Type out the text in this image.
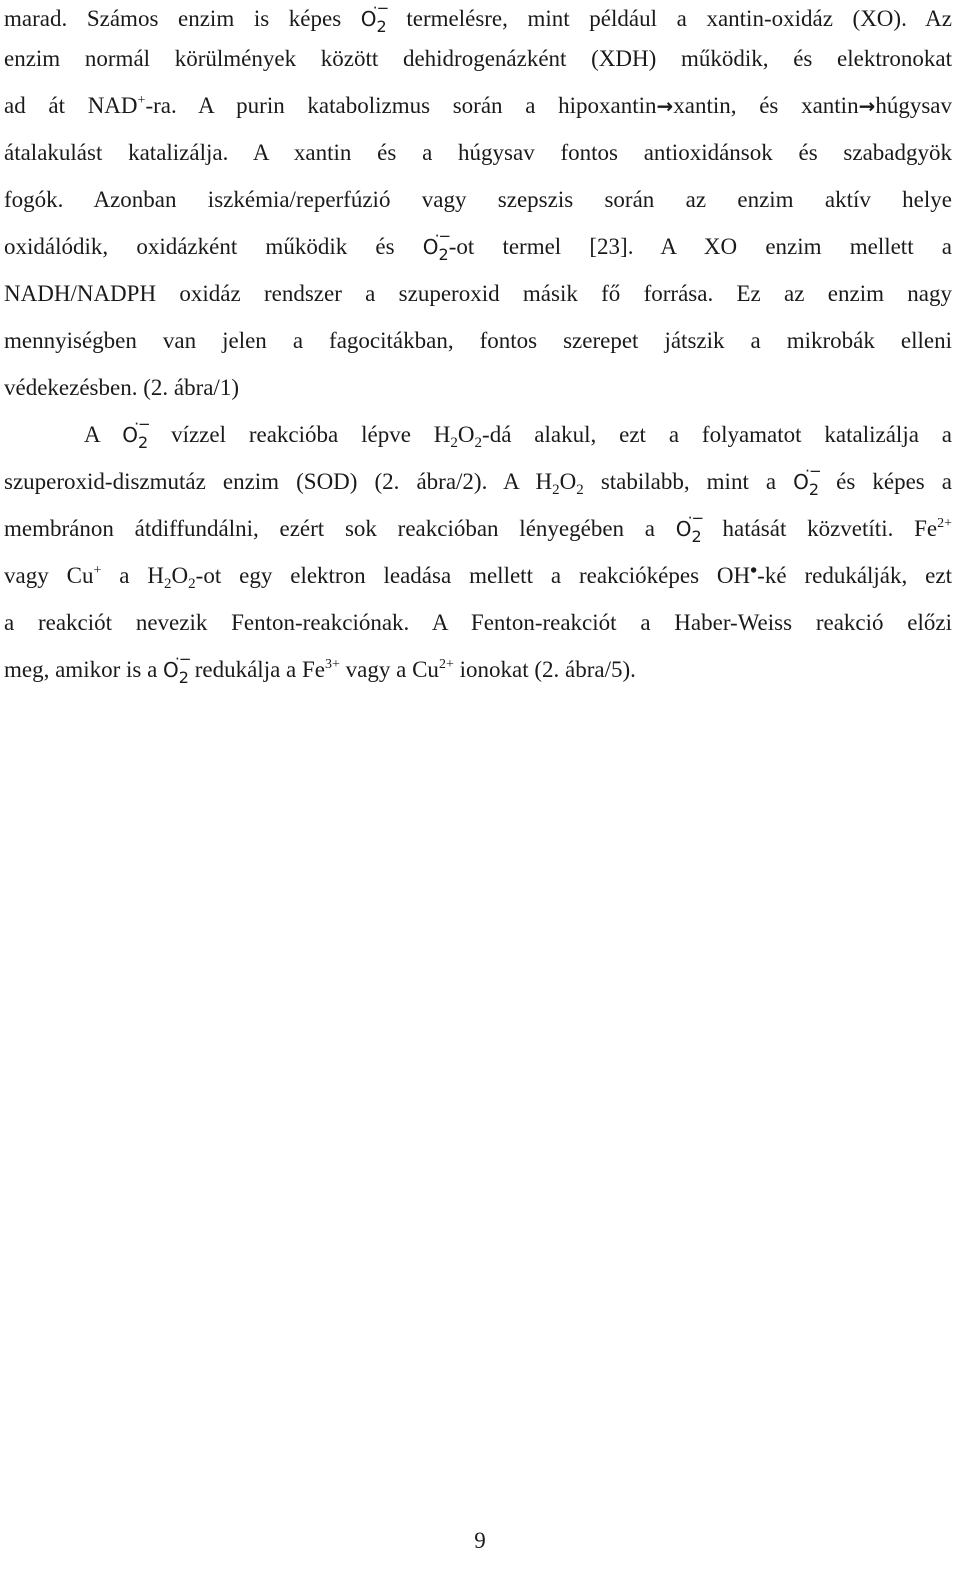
marad. Számos enzim is képes $O_2$
·− termelésre, mint például a xantin-oxidáz (XO). Az
enzim normál körülmények között dehidrogenázként (XDH) működik, és elektronokat
ad át NAD+-ra. A purin katabolizmus során a hipoxantin→xantin, és xantin→húgysav
átalakulást katalizálja. A xantin és a húgysav fontos antioxidánsok és szabadgyök
fogók. Azonban iszkémia/reperfúzió vagy szepszis során az enzim aktív helye
oxidálódik, oxidázként működik és $O_2$
·−
-ot termel [23]. A XO enzim mellett a
NADH/NADPH oxidáz rendszer a szuperoxid másik fő forrása. Ez az enzim nagy
mennyiségben van jelen a fagocitákban, fontos szerepet játszik a mikrobák elleni
védekezésben. (2. ábra/1)
A $O_2$
·− vízzel reakcióba lépve $H_2O_2-dá$ alakul, ezt a folyamatot katalizálja a
szuperoxid-diszmutáz enzim (SOD) (2. ábra/2). A $H_2O_2$ stabilabb, mint a $O_2$
·− és képes a
membránon átdiffundálni, ezért sok reakcióban lényegében a $O_2$
·− hatását közvetíti. $Fe^{2+}$
vagy Cu+ a $H_2O_2-ot$ egy elektron leadása mellett a reakcióképes OH•-ké redukálják, ezt
a reakciót nevezik Fenton-reakciónak. A Fenton-reakciót a Haber-Weiss reakció előzi
meg, amikor is a $O_2$
·− redukálja a $Fe^{3+}$ vagy a $Cu^{2+}$ ionokat (2. ábra/5).
9
